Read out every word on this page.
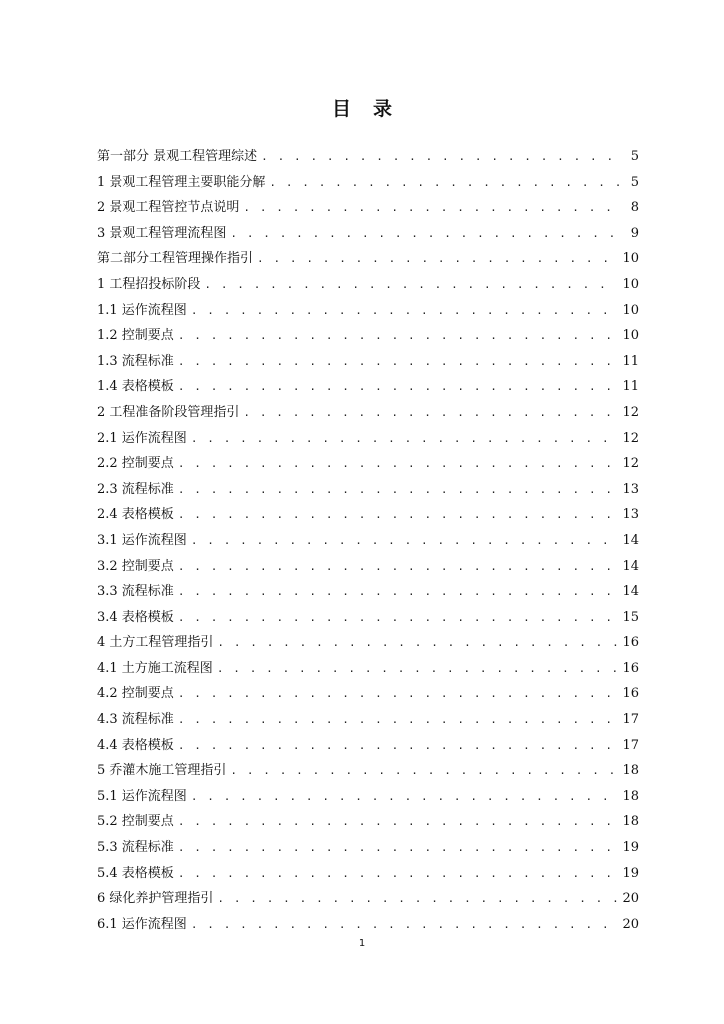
目 录
第一部分 景观工程管理综述 . . .	5
1 景观工程管理主要职能分解 . . .	5
2 景观工程管控节点说明 . . .	8
3 景观工程管理流程图 . . .	9
第二部分工程管理操作指引 . . .	10
1 工程招投标阶段 . . .	10
1.1 运作流程图 . . .	10
1.2 控制要点 . . .	10
1.3 流程标准 . . .	11
1.4 表格模板 . . .	11
2 工程准备阶段管理指引 . . .	12
2.1 运作流程图 . . .	12
2.2 控制要点 . . .	12
2.3 流程标准 . . .	13
2.4 表格模板 . . .	13
3.1 运作流程图 . . .	14
3.2 控制要点 . . .	14
3.3 流程标准 . . .	14
3.4 表格模板 . . .	15
4 土方工程管理指引 . . .	16
4.1 土方施工流程图 . . .	16
4.2 控制要点 . . .	16
4.3 流程标准 . . .	17
4.4 表格模板 . . .	17
5 乔灌木施工管理指引 . . .	18
5.1 运作流程图 . . .	18
5.2 控制要点 . . .	18
5.3 流程标准 . . .	19
5.4 表格模板 . . .	19
6 绿化养护管理指引 . . .	20
6.1 运作流程图 . . .	20
1
